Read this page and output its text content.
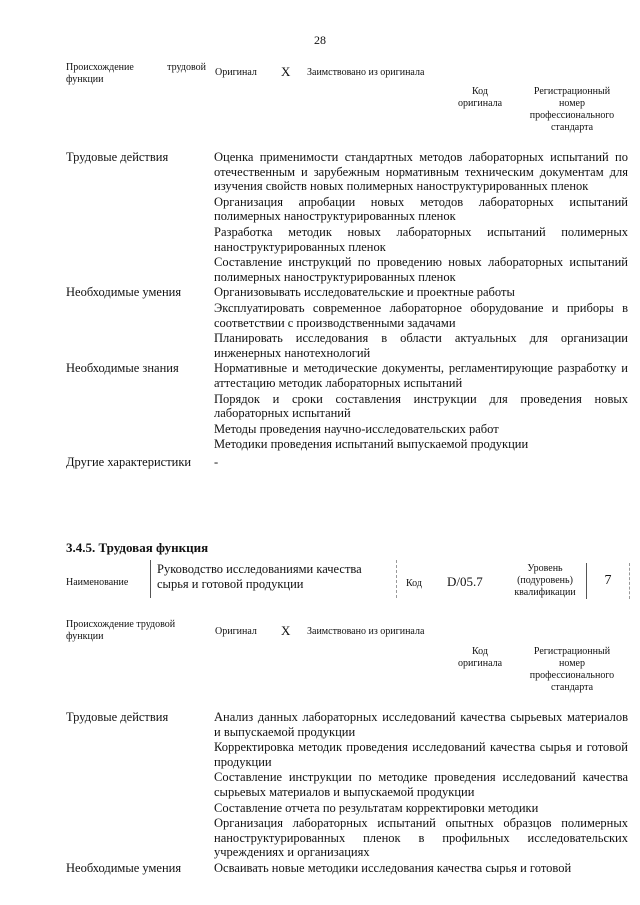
28
Происхождение	трудовой
функции
Оригинал X Заимствовано из оригинала
Код оригинала
Регистрационный номер профессионального стандарта
Трудовые действия	Оценка применимости стандартных методов лабораторных испытаний по отечественным и зарубежным нормативным техническим документам для изучения свойств новых полимерных наноструктурированных пленок

Организация апробации новых методов лабораторных испытаний полимерных наноструктурированных пленок

Разработка методик новых лабораторных испытаний полимерных наноструктурированных пленок

Составление инструкций по проведению новых лабораторных испытаний полимерных наноструктурированных пленок

Необходимые умения	Организовывать исследовательские и проектные работы

Эксплуатировать современное лабораторное оборудование и приборы в соответствии с производственными задачами

Планировать исследования в области актуальных для организации инженерных нанотехнологий

Необходимые знания	Нормативные и методические документы, регламентирующие разработку и аттестацию методик лабораторных испытаний

Порядок и сроки составления инструкции для проведения новых лабораторных испытаний

Методы проведения научно-исследовательских работ

Методики проведения испытаний выпускаемой продукции

Другие характеристики	-

3.4.5. Трудовая функция
Наименование
Руководство исследованиями качества сырья и готовой продукции	Код D/05.7
Уровень (подуровень) квалификации
7
Происхождение трудовой функции	Оригинал X Заимствовано из оригинала
Код оригинала
Регистрационный номер профессионального стандарта
Трудовые действия	Анализ данных лабораторных исследований качества сырьевых материалов и выпускаемой продукции

Корректировка методик проведения исследований качества сырья и готовой продукции

Составление инструкции по методике проведения исследований качества сырьевых материалов и выпускаемой продукции

Составление отчета по результатам корректировки методики

Организация лабораторных испытаний опытных образцов полимерных наноструктурированных пленок в профильных исследовательских учреждениях и организациях

Необходимые умения	Осваивать новые методики исследования качества сырья и готовой
